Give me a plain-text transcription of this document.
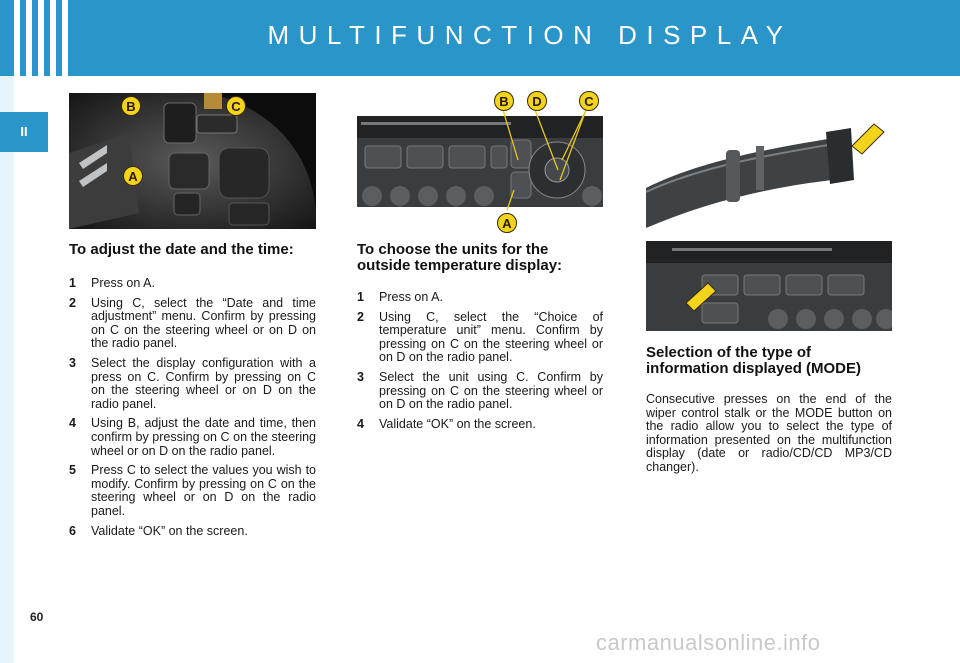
MULTIFUNCTION DISPLAY
II
B	C
A
B	D	C
A
To adjust the date and the time:
1 Press on A.
2 Using C, select the “Date and time adjustment” menu. Confirm by pressing on C on the steering wheel or on D on the radio panel.
3 Select the display configuration with a press on C. Confirm by pressing on C on the steering wheel or on D on the radio panel.
4 Using B, adjust the date and time, then confirm by pressing on C on the steering wheel or on D on the radio panel.
5 Press C to select the values you wish to modify. Confirm by pressing on C on the steering wheel or on D on the radio panel.
6 Validate “OK” on the screen.
To choose the units for the outside temperature display:
1 Press on A.
2 Using C, select the “Choice of temperature unit” menu. Confirm by pressing on C on the steering wheel or on D on the radio panel.
3 Select the unit using C. Confirm by pressing on C on the steering wheel or on D on the radio panel.
4 Validate “OK” on the screen.
Selection of the type of information displayed (MODE)
Consecutive presses on the end of the wiper control stalk or the MODE button on the radio allow you to select the type of information presented on the multifunction display (date or radio/CD/CD MP3/CD changer).
60
carmanualsonline.info
